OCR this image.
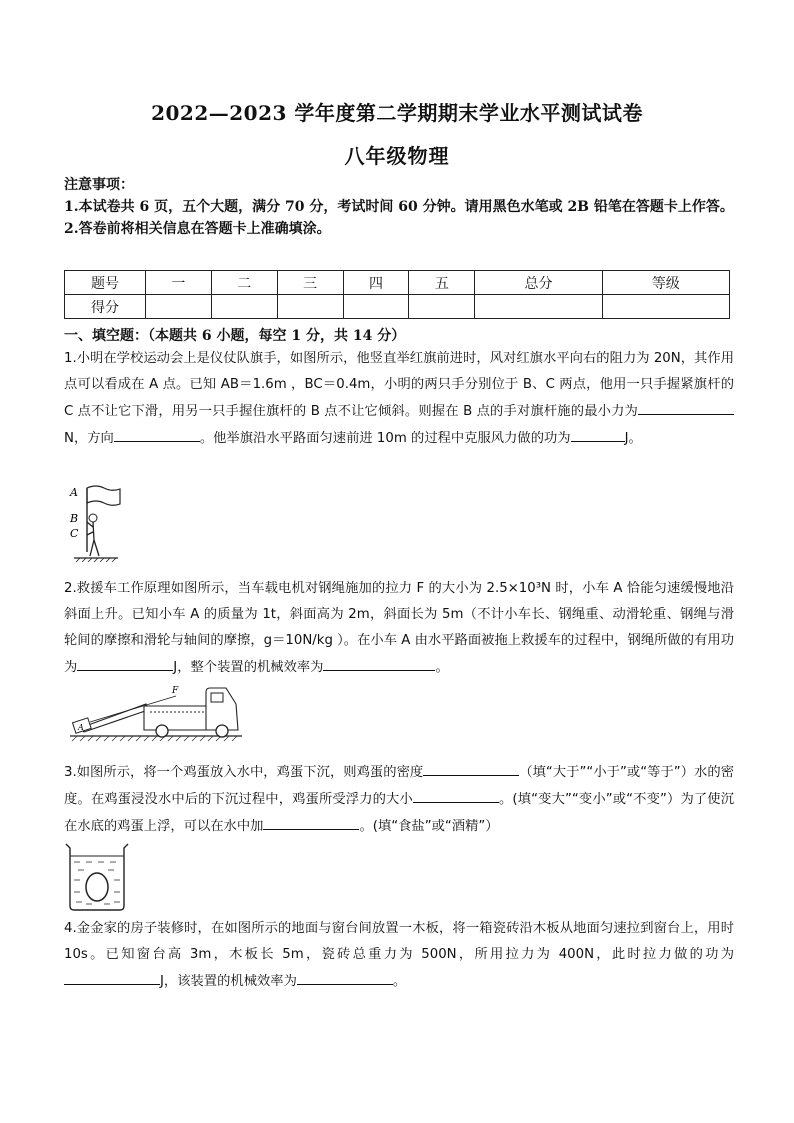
2022—2023 学年度第二学期期末学业水平测试试卷
八年级物理

注意事项：

1.本试卷共 6 页，五个大题，满分 70 分，考试时间 60 分钟。请用黑色水笔或 2B 铅笔在答题卡上作答。

2.答卷前将相关信息在答题卡上准确填涂。

题号	一	二	三	四	五	总分	等级
得分							
一、填空题：（本题共 6 小题，每空 1 分，共 14 分）

1.小明在学校运动会上是仪仗队旗手，如图所示，他竖直举红旗前进时，风对红旗水平向右的阻力为 20N，其作用点可以看成在 A 点。已知 AB＝1.6m ，BC＝0.4m，小明的两只手分别位于 B、C 两点，他用一只手握紧旗杆的 C 点不让它下滑，用另一只手握住旗杆的 B 点不让它倾斜。则握在 B 点的手对旗杆施的最小力为N，方向	。他举旗沿水平路面匀速前进 10m 的过程中克服风力做的功为	J。

A
B
C

2.救援车工作原理如图所示，当车载电机对钢绳施加的拉力 F 的大小为 2.5×10³N 时，小车 A 恰能匀速缓慢地沿斜面上升。已知小车 A 的质量为 1t，斜面高为 2m，斜面长为 5m（不计小车长、钢绳重、动滑轮重、钢绳与滑轮间的摩擦和滑轮与轴间的摩擦，g＝10N/kg ）。在小车 A 由水平路面被拖上救援车的过程中，钢绳所做的有用功为	J，整个装置的机械效率为	。

F
A

3.如图所示，将一个鸡蛋放入水中，鸡蛋下沉，则鸡蛋的密度	（填“大于”“小于”或“等于”）水的密度。在鸡蛋浸没水中后的下沉过程中，鸡蛋所受浮力的大小	。(填“变大”“变小”或“不变”）为了使沉在水底的鸡蛋上浮，可以在水中加	。(填“食盐”或“酒精”）

4.金金家的房子装修时，在如图所示的地面与窗台间放置一木板，将一箱瓷砖沿木板从地面匀速拉到窗台上，用时 10s。已知窗台高 3m，木板长 5m，瓷砖总重力为 500N，所用拉力为 400N，此时拉力做的功为J，该装置的机械效率为	。
